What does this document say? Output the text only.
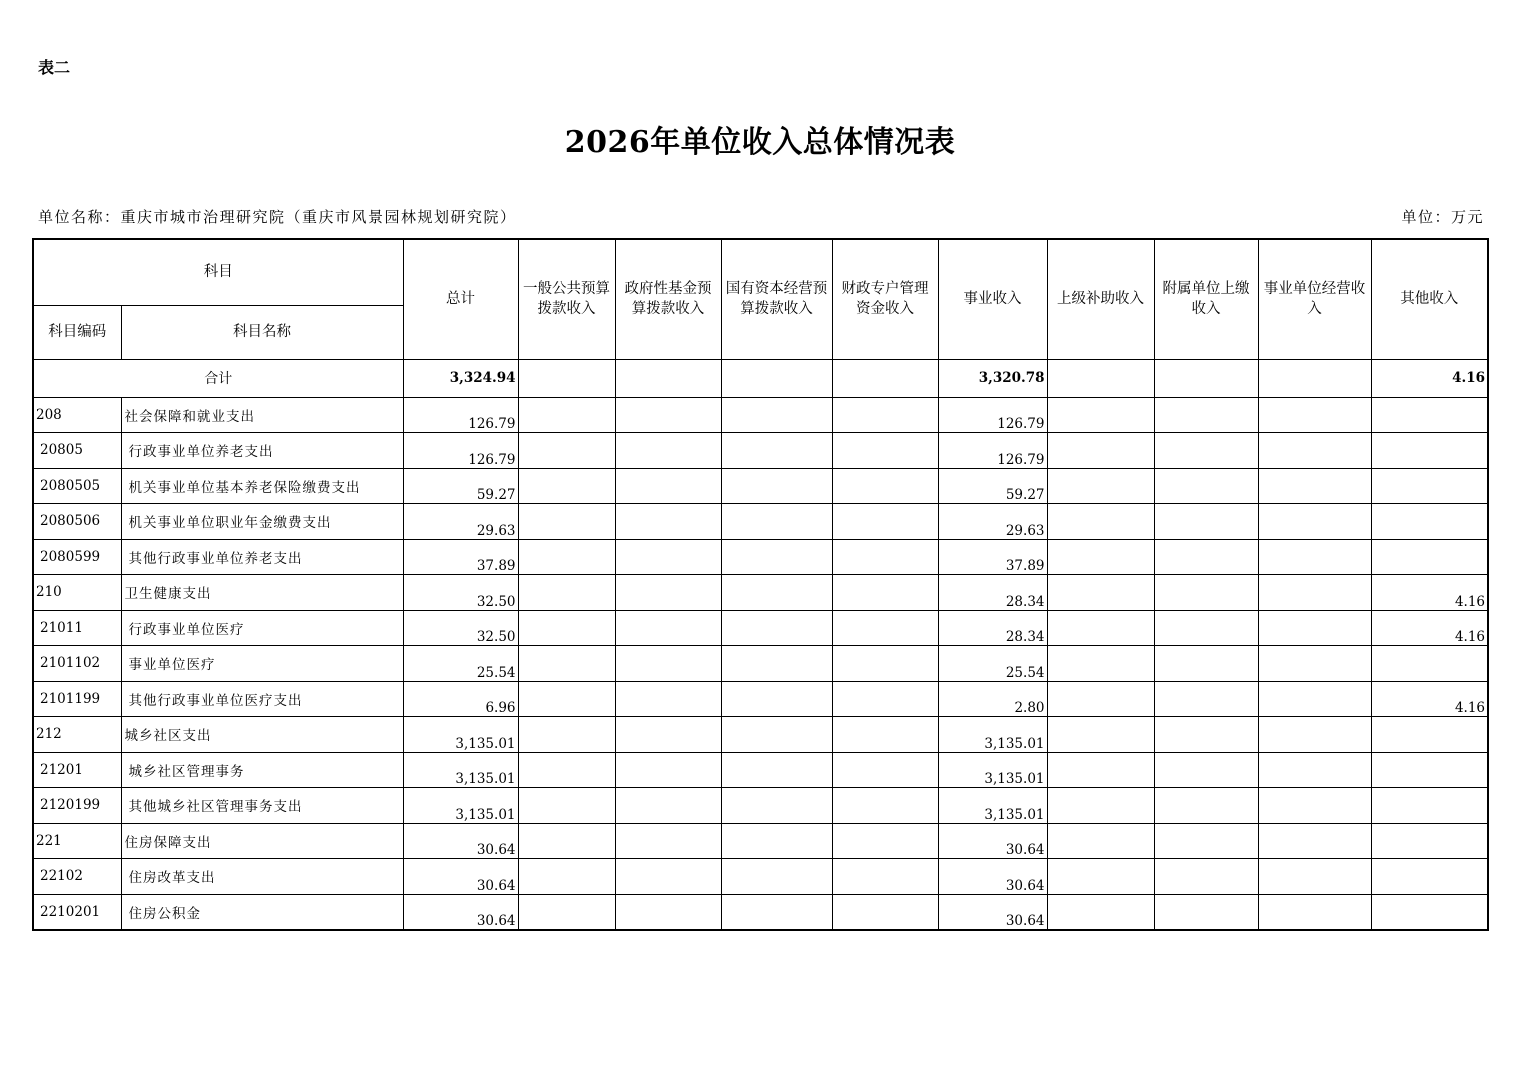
表二
2026年单位收入总体情况表
单位名称：重庆市城市治理研究院（重庆市风景园林规划研究院）	单位：万元
科目		总计	一般公共预算拨款收入	政府性基金预算拨款收入	国有资本经营预算拨款收入	财政专户管理资金收入	事业收入	上级补助收入	附属单位上缴收入	事业单位经营收入	其他收入
科目编码	科目名称										
合计		3,324.94					3,320.78				4.16
208	社会保障和就业支出	126.79					126.79				
20805	行政事业单位养老支出	126.79					126.79				
2080505	机关事业单位基本养老保险缴费支出	59.27					59.27				
2080506	机关事业单位职业年金缴费支出	29.63					29.63				
2080599	其他行政事业单位养老支出	37.89					37.89				
210	卫生健康支出	32.50					28.34				4.16
21011	行政事业单位医疗	32.50					28.34				4.16
2101102	事业单位医疗	25.54					25.54				
2101199	其他行政事业单位医疗支出	6.96					2.80				4.16
212	城乡社区支出	3,135.01					3,135.01				
21201	城乡社区管理事务	3,135.01					3,135.01				
2120199	其他城乡社区管理事务支出	3,135.01					3,135.01				
221	住房保障支出	30.64					30.64				
22102	住房改革支出	30.64					30.64				
2210201	住房公积金	30.64					30.64				
